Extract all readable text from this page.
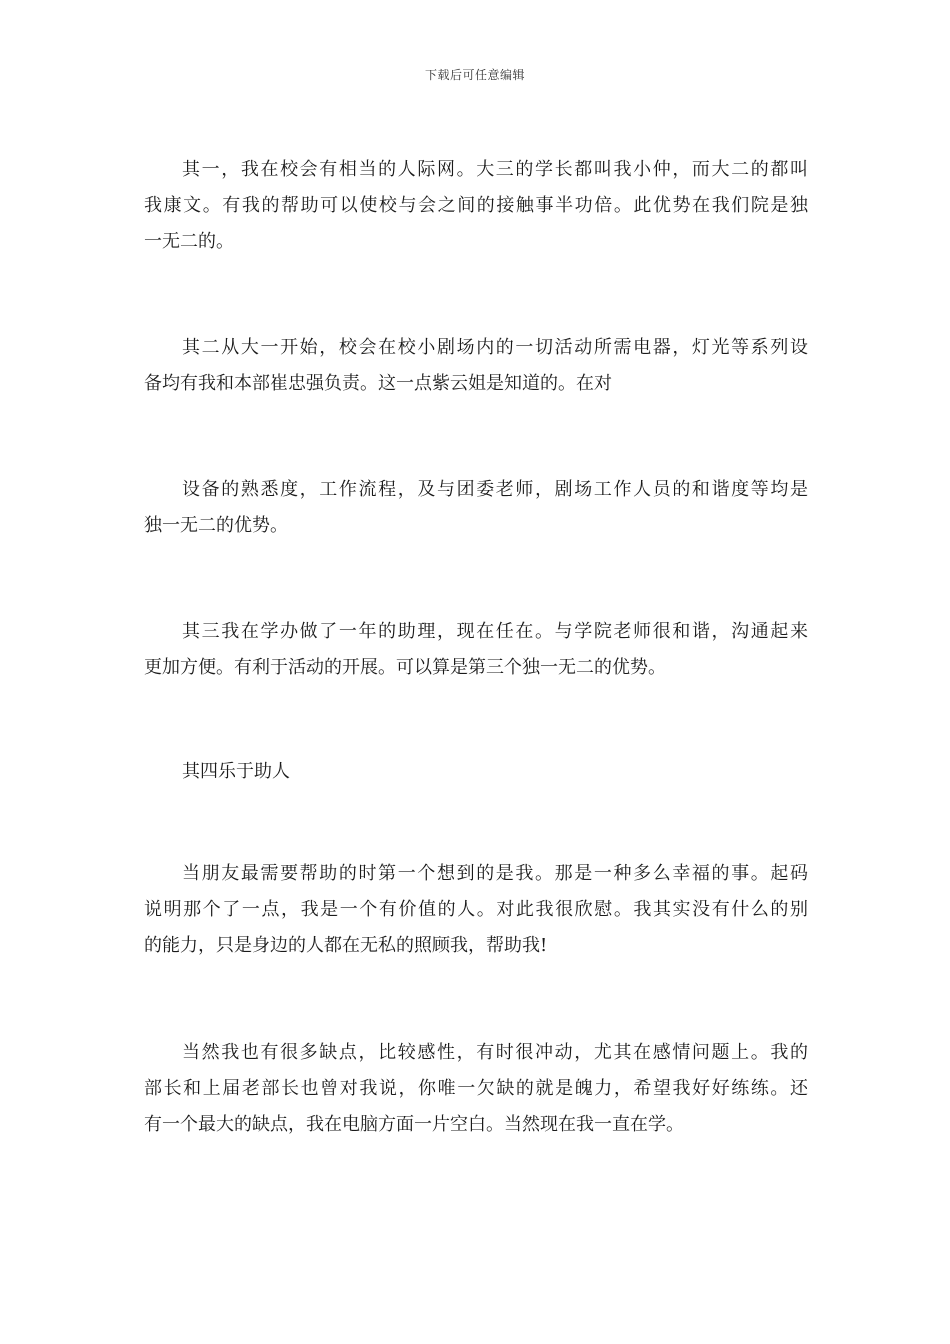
下载后可任意编辑
其一，我在校会有相当的人际网。大三的学长都叫我小仲，而大二的都叫
我康文。有我的帮助可以使校与会之间的接触事半功倍。此优势在我们院是独
一无二的。
其二从大一开始，校会在校小剧场内的一切活动所需电器，灯光等系列设
备均有我和本部崔忠强负责。这一点紫云姐是知道的。在对
设备的熟悉度，工作流程，及与团委老师，剧场工作人员的和谐度等均是
独一无二的优势。
其三我在学办做了一年的助理，现在任在。与学院老师很和谐，沟通起来
更加方便。有利于活动的开展。可以算是第三个独一无二的优势。
其四乐于助人
当朋友最需要帮助的时第一个想到的是我。那是一种多么幸福的事。起码
说明那个了一点，我是一个有价值的人。对此我很欣慰。我其实没有什么的别
的能力，只是身边的人都在无私的照顾我，帮助我!
当然我也有很多缺点，比较感性，有时很冲动，尤其在感情问题上。我的
部长和上届老部长也曾对我说，你唯一欠缺的就是魄力，希望我好好练练。还
有一个最大的缺点，我在电脑方面一片空白。当然现在我一直在学。
